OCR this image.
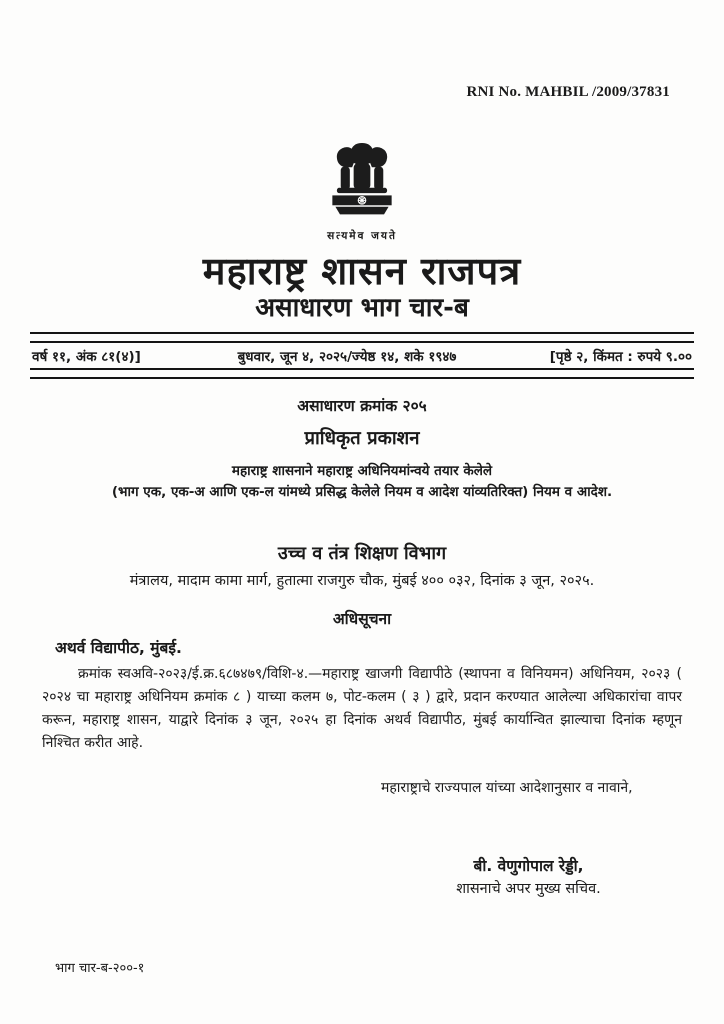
RNI No. MAHBIL /2009/37831
सत्यमेव जयते
महाराष्ट्र शासन राजपत्र
असाधारण भाग चार-ब
वर्ष ११, अंक ८१(४)]	बुधवार, जून ४, २०२५/ज्येष्ठ १४, शके १९४७	[पृष्ठे २, किंमत : रुपये ९.००
असाधारण क्रमांक २०५
प्राधिकृत प्रकाशन
महाराष्ट्र शासनाने महाराष्ट्र अधिनियमांन्वये तयार केलेले
(भाग एक, एक-अ आणि एक-ल यांमध्ये प्रसिद्ध केलेले नियम व आदेश यांव्यतिरिक्त) नियम व आदेश.
उच्च व तंत्र शिक्षण विभाग
मंत्रालय, मादाम कामा मार्ग, हुतात्मा राजगुरु चौक, मुंबई ४०० ०३२, दिनांक ३ जून, २०२५.
अधिसूचना
अथर्व विद्यापीठ, मुंबई.
क्रमांक स्वअवि-२०२३/ई.क्र.६८७४७९/विशि-४.—महाराष्ट्र खाजगी विद्यापीठे (स्थापना व विनियमन) अधिनियम, २०२३ ( २०२४ चा महाराष्ट्र अधिनियम क्रमांक ८ ) याच्या कलम ७, पोट-कलम ( ३ ) द्वारे, प्रदान करण्यात आलेल्या अधिकारांचा वापर करून, महाराष्ट्र शासन, याद्वारे दिनांक ३ जून, २०२५ हा दिनांक अथर्व विद्यापीठ, मुंबई कार्यान्वित झाल्याचा दिनांक म्हणून निश्चित करीत आहे.
महाराष्ट्राचे राज्यपाल यांच्या आदेशानुसार व नावाने,
बी. वेणुगोपाल रेड्डी,
शासनाचे अपर मुख्य सचिव.
भाग चार-ब-२००-१
